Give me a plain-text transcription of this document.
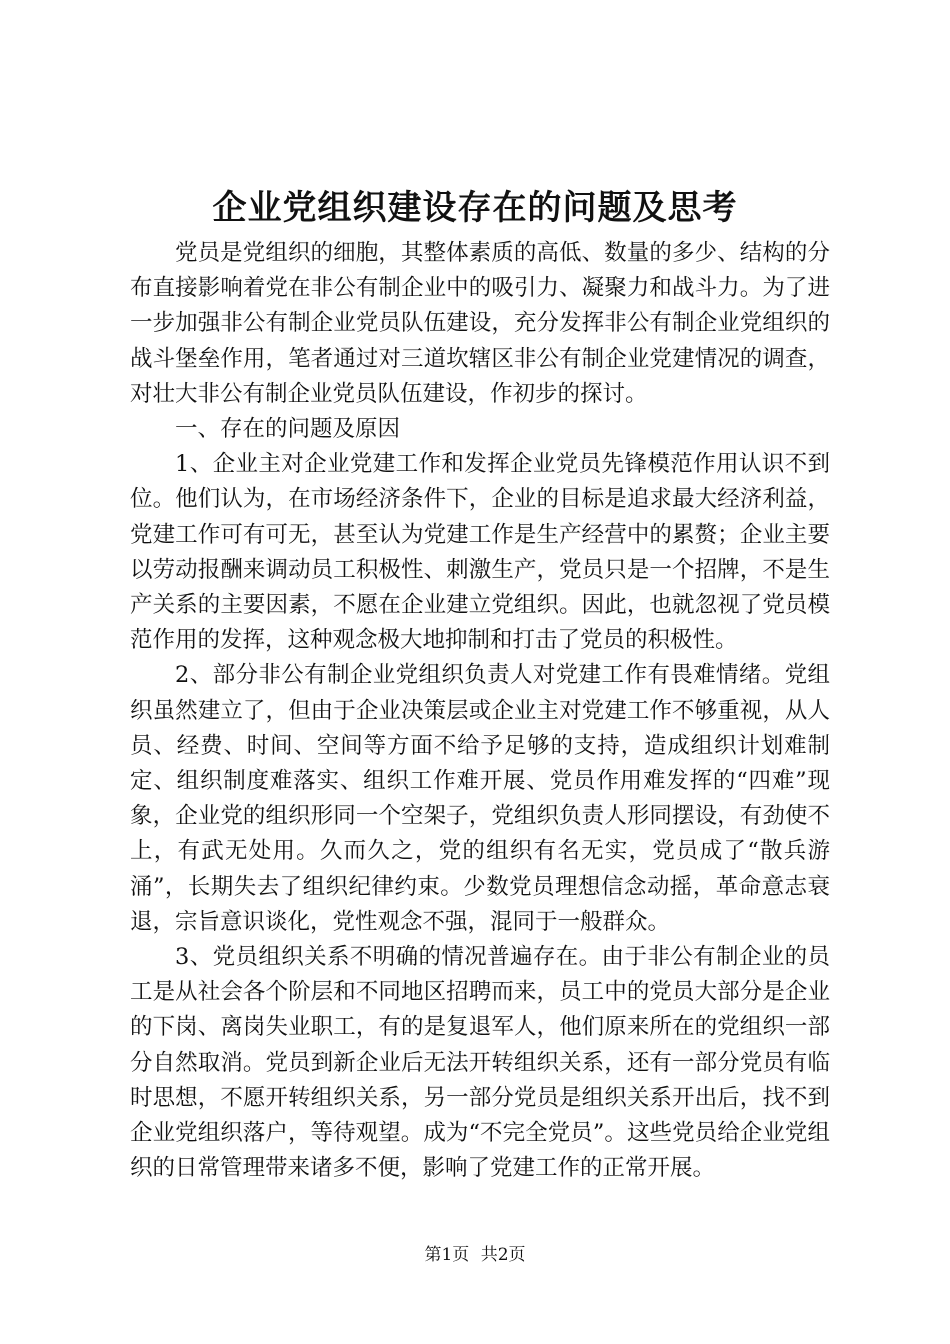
企业党组织建设存在的问题及思考

党员是党组织的细胞，其整体素质的高低、数量的多少、结构的分布直接影响着党在非公有制企业中的吸引力、凝聚力和战斗力。为了进一步加强非公有制企业党员队伍建设，充分发挥非公有制企业党组织的战斗堡垒作用，笔者通过对三道坎辖区非公有制企业党建情况的调查，对壮大非公有制企业党员队伍建设，作初步的探讨。

一、存在的问题及原因

1、企业主对企业党建工作和发挥企业党员先锋模范作用认识不到位。他们认为，在市场经济条件下，企业的目标是追求最大经济利益，党建工作可有可无，甚至认为党建工作是生产经营中的累赘；企业主要以劳动报酬来调动员工积极性、刺激生产，党员只是一个招牌，不是生产关系的主要因素，不愿在企业建立党组织。因此，也就忽视了党员模范作用的发挥，这种观念极大地抑制和打击了党员的积极性。

2、部分非公有制企业党组织负责人对党建工作有畏难情绪。党组织虽然建立了，但由于企业决策层或企业主对党建工作不够重视，从人员、经费、时间、空间等方面不给予足够的支持，造成组织计划难制定、组织制度难落实、组织工作难开展、党员作用难发挥的“四难”现象，企业党的组织形同一个空架子，党组织负责人形同摆设，有劲使不上，有武无处用。久而久之，党的组织有名无实，党员成了“散兵游涌”，长期失去了组织纪律约束。少数党员理想信念动摇，革命意志衰退，宗旨意识谈化，党性观念不强，混同于一般群众。

3、党员组织关系不明确的情况普遍存在。由于非公有制企业的员工是从社会各个阶层和不同地区招聘而来，员工中的党员大部分是企业的下岗、离岗失业职工，有的是复退军人，他们原来所在的党组织一部分自然取消。党员到新企业后无法开转组织关系，还有一部分党员有临时思想，不愿开转组织关系，另一部分党员是组织关系开出后，找不到企业党组织落户，等待观望。成为“不完全党员”。这些党员给企业党组织的日常管理带来诸多不便，影响了党建工作的正常开展。

第1页 共2页
